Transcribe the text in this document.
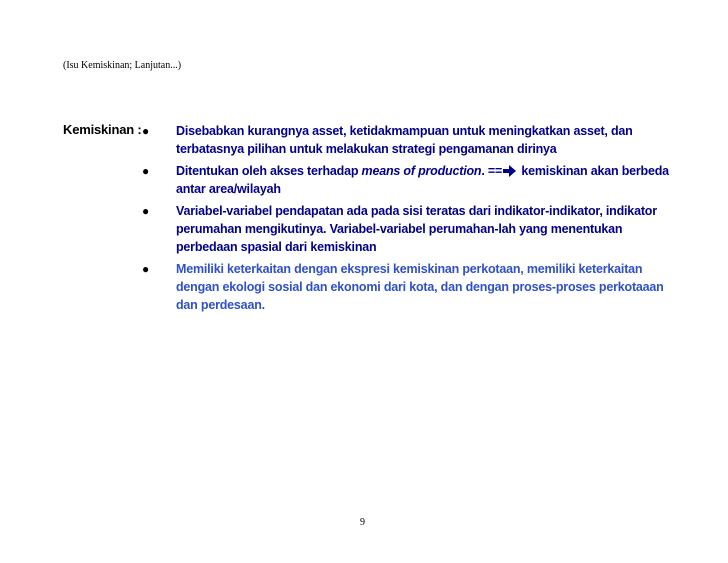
(Isu Kemiskinan; Lanjutan...)
Kemiskinan : ●	Disebabkan kurangnya asset, ketidakmampuan untuk meningkatkan asset, dan terbatasnya pilihan untuk melakukan strategi pengamanan dirinya
●	Ditentukan oleh akses terhadap means of production. == kemiskinan akan berbeda antar area/wilayah
●	Variabel-variabel pendapatan ada pada sisi teratas dari indikator-indikator, indikator perumahan mengikutinya. Variabel-variabel perumahan-lah yang menentukan perbedaan spasial dari kemiskinan
●	Memiliki keterkaitan dengan ekspresi kemiskinan perkotaan, memiliki keterkaitan dengan ekologi sosial dan ekonomi dari kota, dan dengan proses-proses perkotaaan dan perdesaan.
9
